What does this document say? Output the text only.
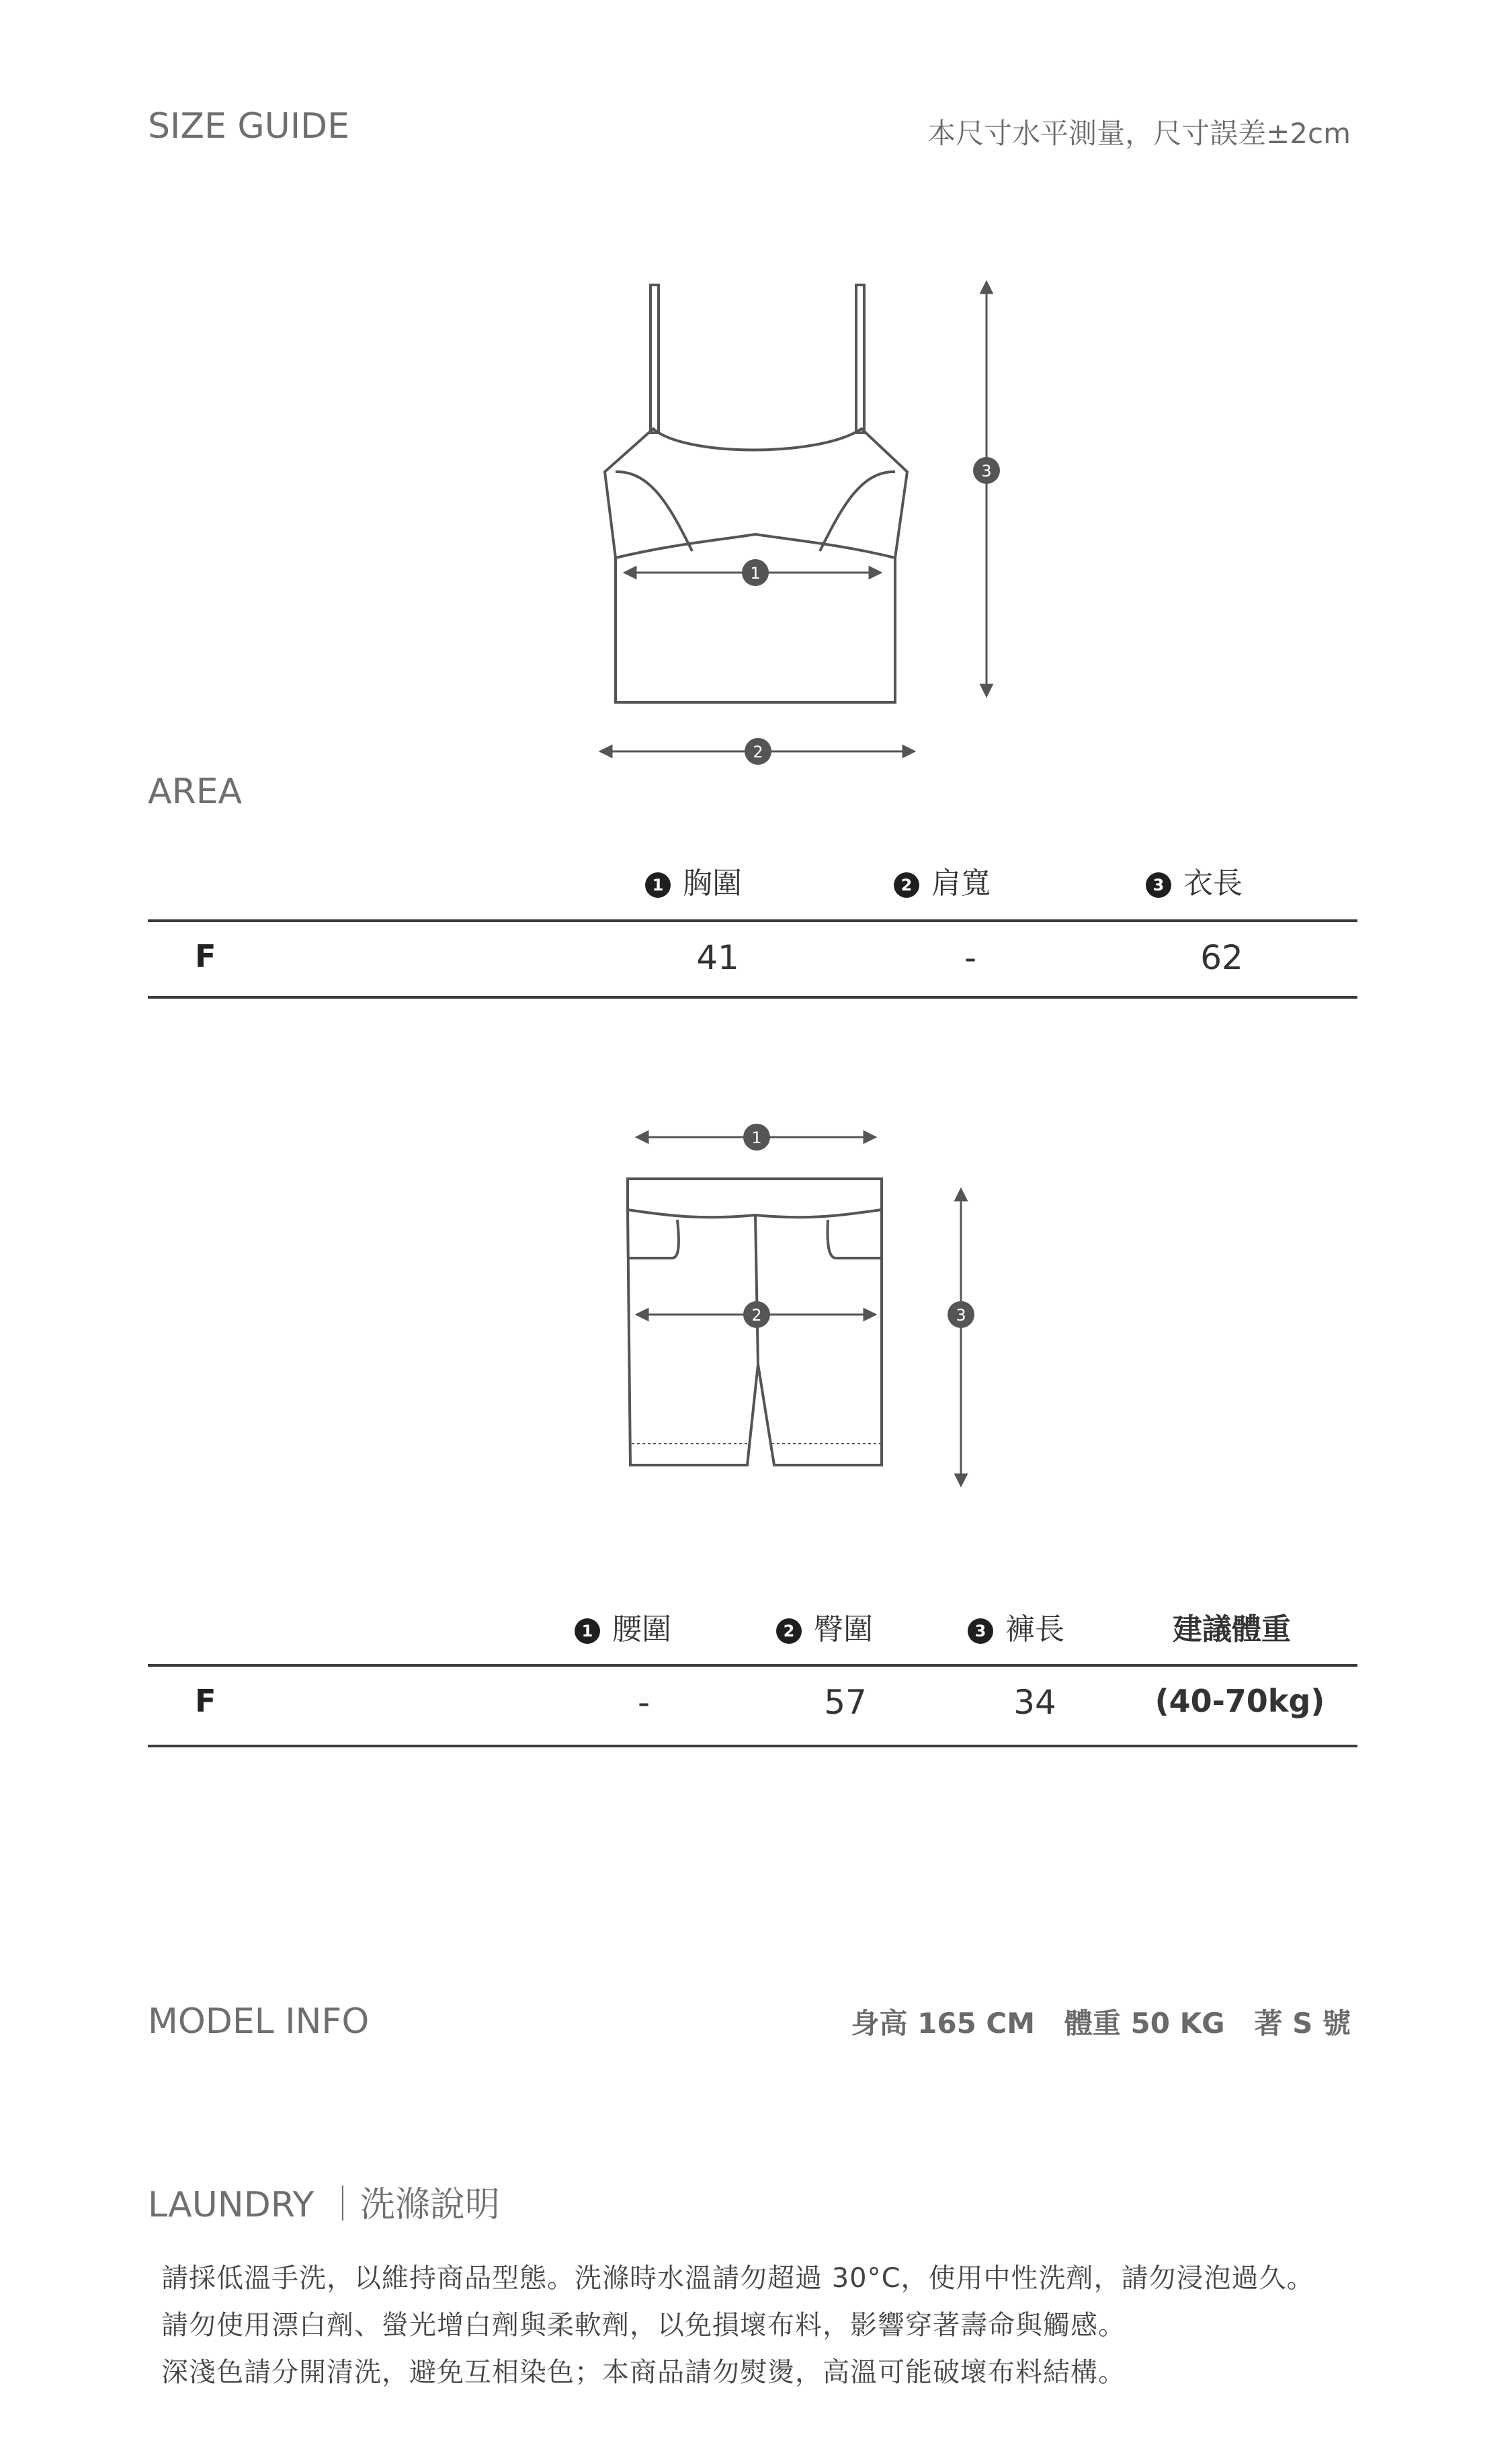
SIZE GUIDE	本尺寸水平測量，尺寸誤差±2cm
1
2
3
AREA
1 胸圍	2 肩寬	3 衣長
F	41	-	62
1
2	3
1 腰圍	2 臀圍	3 褲長	建議體重
F	-	57	34	(40-70kg)
MODEL INFO	身高 165 CM   體重 50 KG   著 S 號
LAUNDRY ｜洗滌說明
請採低溫手洗，以維持商品型態。洗滌時水溫請勿超過 30°C，使用中性洗劑，請勿浸泡過久。
請勿使用漂白劑、螢光增白劑與柔軟劑，以免損壞布料，影響穿著壽命與觸感。
深淺色請分開清洗，避免互相染色；本商品請勿熨燙，高溫可能破壞布料結構。
